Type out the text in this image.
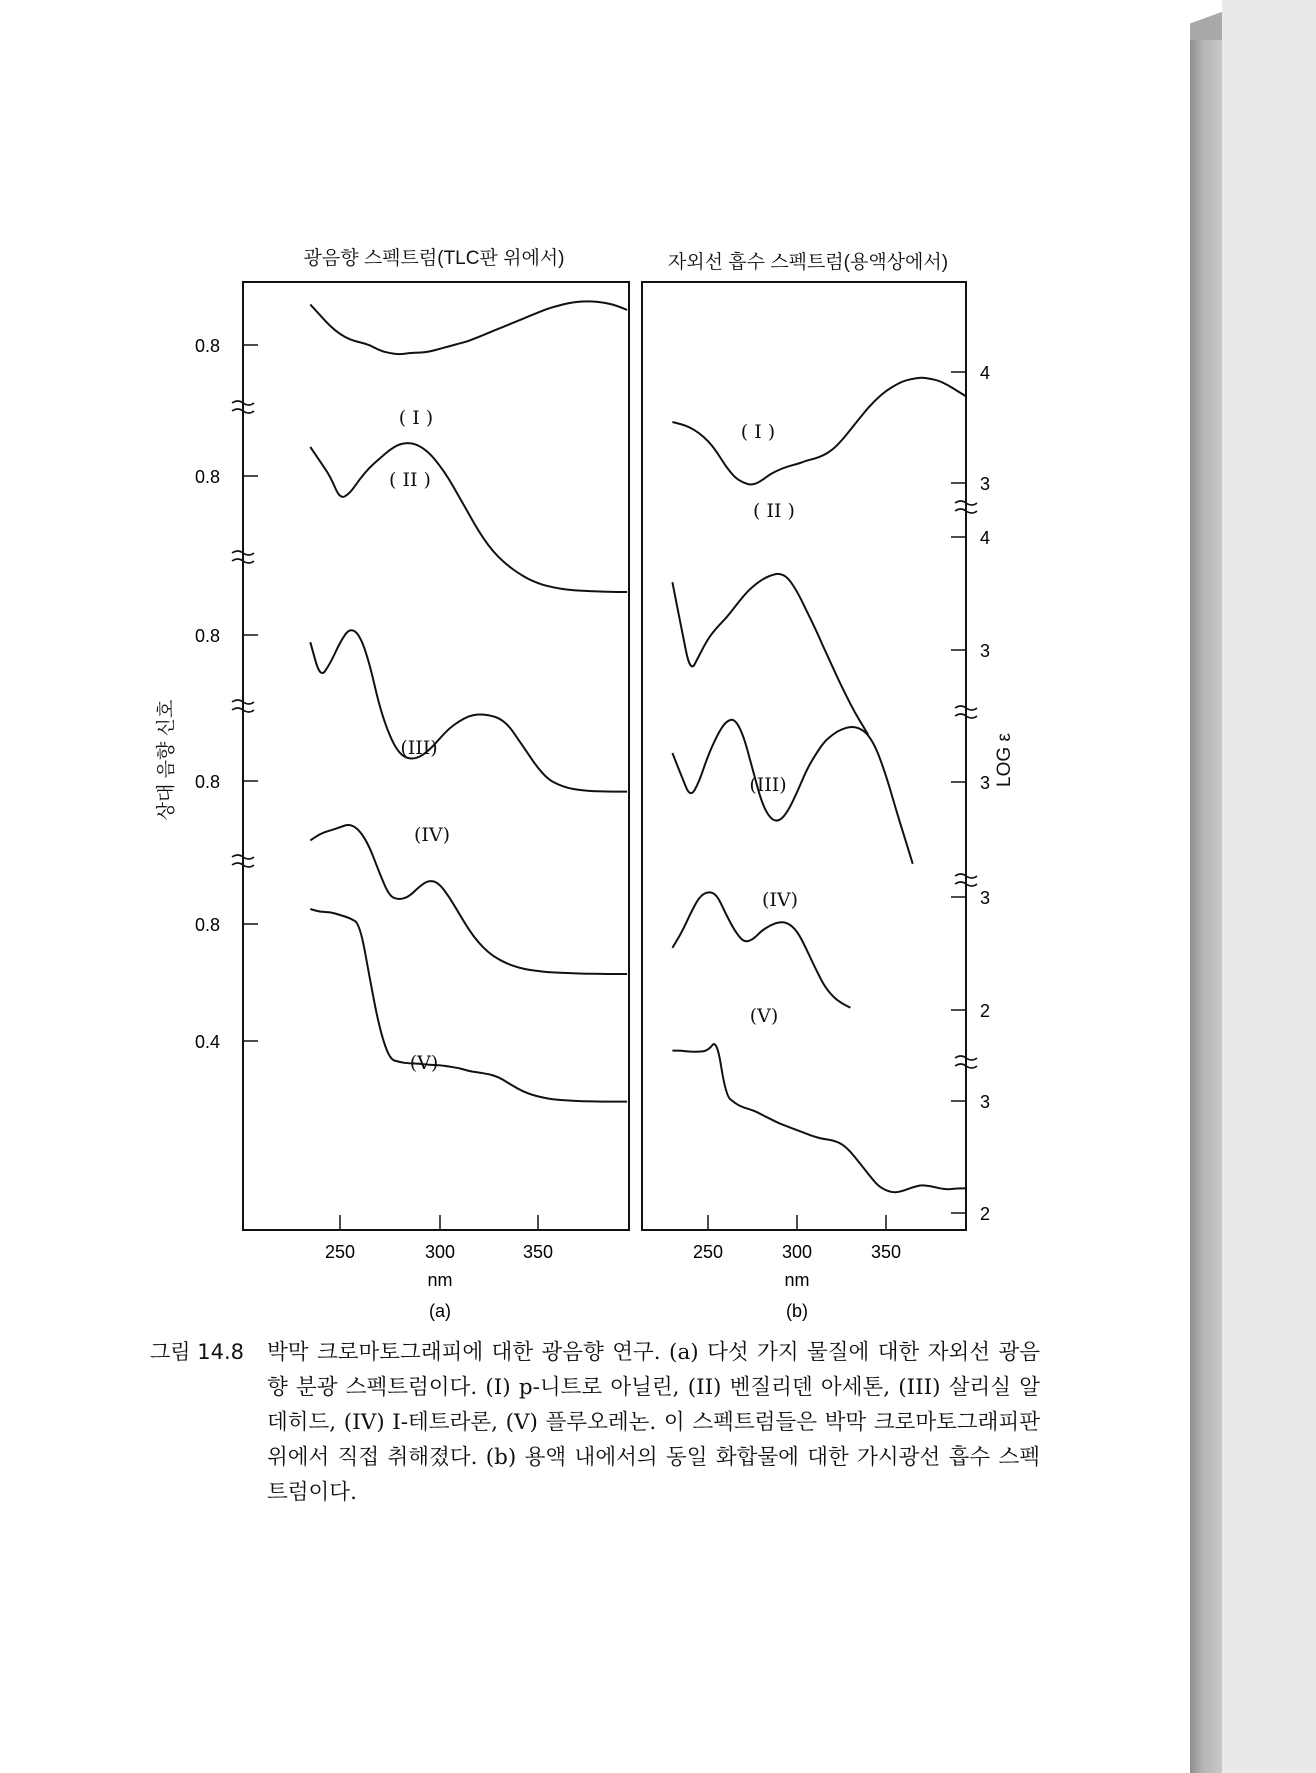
광음향 스펙트럼(TLC판 위에서)
상대 음향 신호
0.8
0.8
0.8
0.8
0.8
0.4
250	300	350
nm
(a)
( I )
( II )
(III)
(IV)
(V)
자외선 흡수 스펙트럼(용액상에서)
LOG ε
4
3
4
3
3
3
2
3
2
250	300	350
nm
(b)
( I )
( II )
(III)
(IV)
(V)
그림 14.8 박막 크로마토그래피에 대한 광음향 연구. (a) 다섯 가지 물질에 대한 자외선 광음향 분광 스펙트럼이다. (I) p-니트로 아닐린, (II) 벤질리덴 아세톤, (III) 살리실 알데히드, (IV) I-테트라론, (V) 플루오레논. 이 스펙트럼들은 박막 크로마토그래피판 위에서 직접 취해졌다. (b) 용액 내에서의 동일 화합물에 대한 가시광선 흡수 스펙트럼이다.
